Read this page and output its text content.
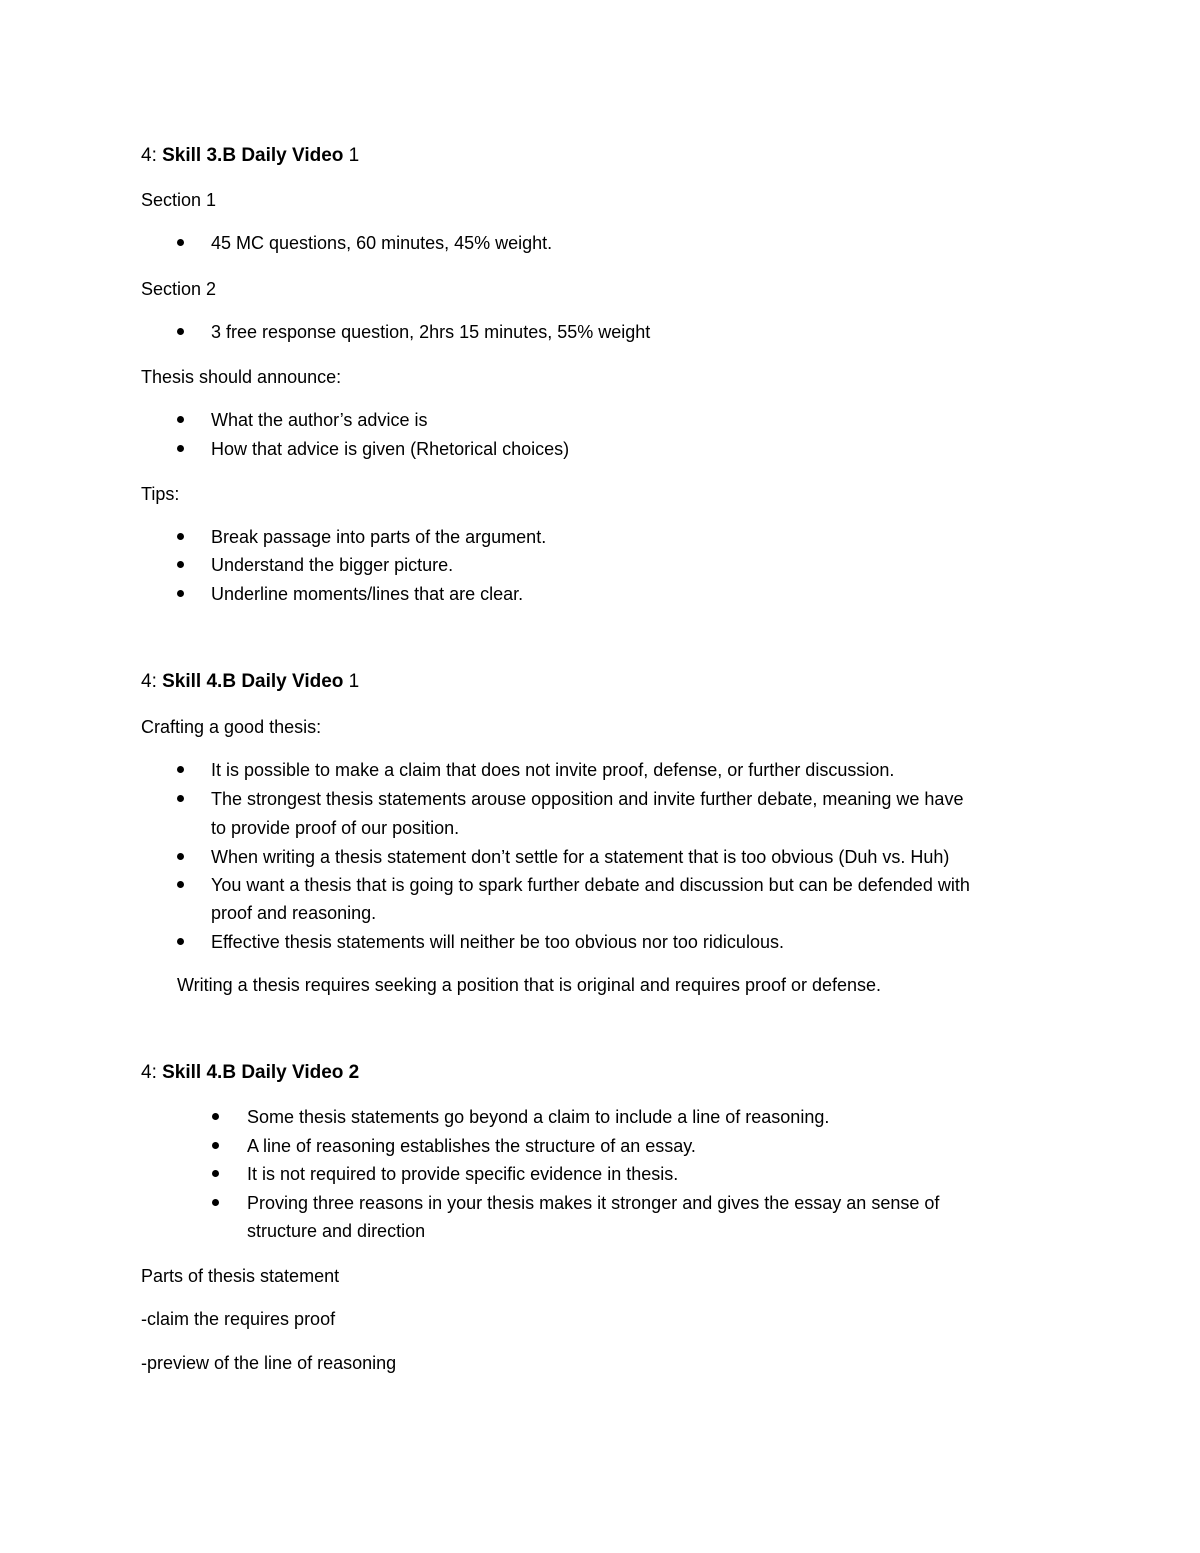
4: Skill 3.B Daily Video 1

Section 1

45 MC questions, 60 minutes, 45% weight.

Section 2

3 free response question, 2hrs 15 minutes, 55% weight

Thesis should announce:

What the author’s advice is

How that advice is given (Rhetorical choices)

Tips:

Break passage into parts of the argument.

Understand the bigger picture.

Underline moments/lines that are clear.

4: Skill 4.B Daily Video 1

Crafting a good thesis:

It is possible to make a claim that does not invite proof, defense, or further discussion.

The strongest thesis statements arouse opposition and invite further debate, meaning we have

to provide proof of our position.

When writing a thesis statement don’t settle for a statement that is too obvious (Duh vs. Huh)

You want a thesis that is going to spark further debate and discussion but can be defended with

proof and reasoning.

Effective thesis statements will neither be too obvious nor too ridiculous.

Writing a thesis requires seeking a position that is original and requires proof or defense.

4: Skill 4.B Daily Video 2

Some thesis statements go beyond a claim to include a line of reasoning.

A line of reasoning establishes the structure of an essay.

It is not required to provide specific evidence in thesis.

Proving three reasons in your thesis makes it stronger and gives the essay an sense of

structure and direction

Parts of thesis statement

-claim the requires proof

-preview of the line of reasoning
